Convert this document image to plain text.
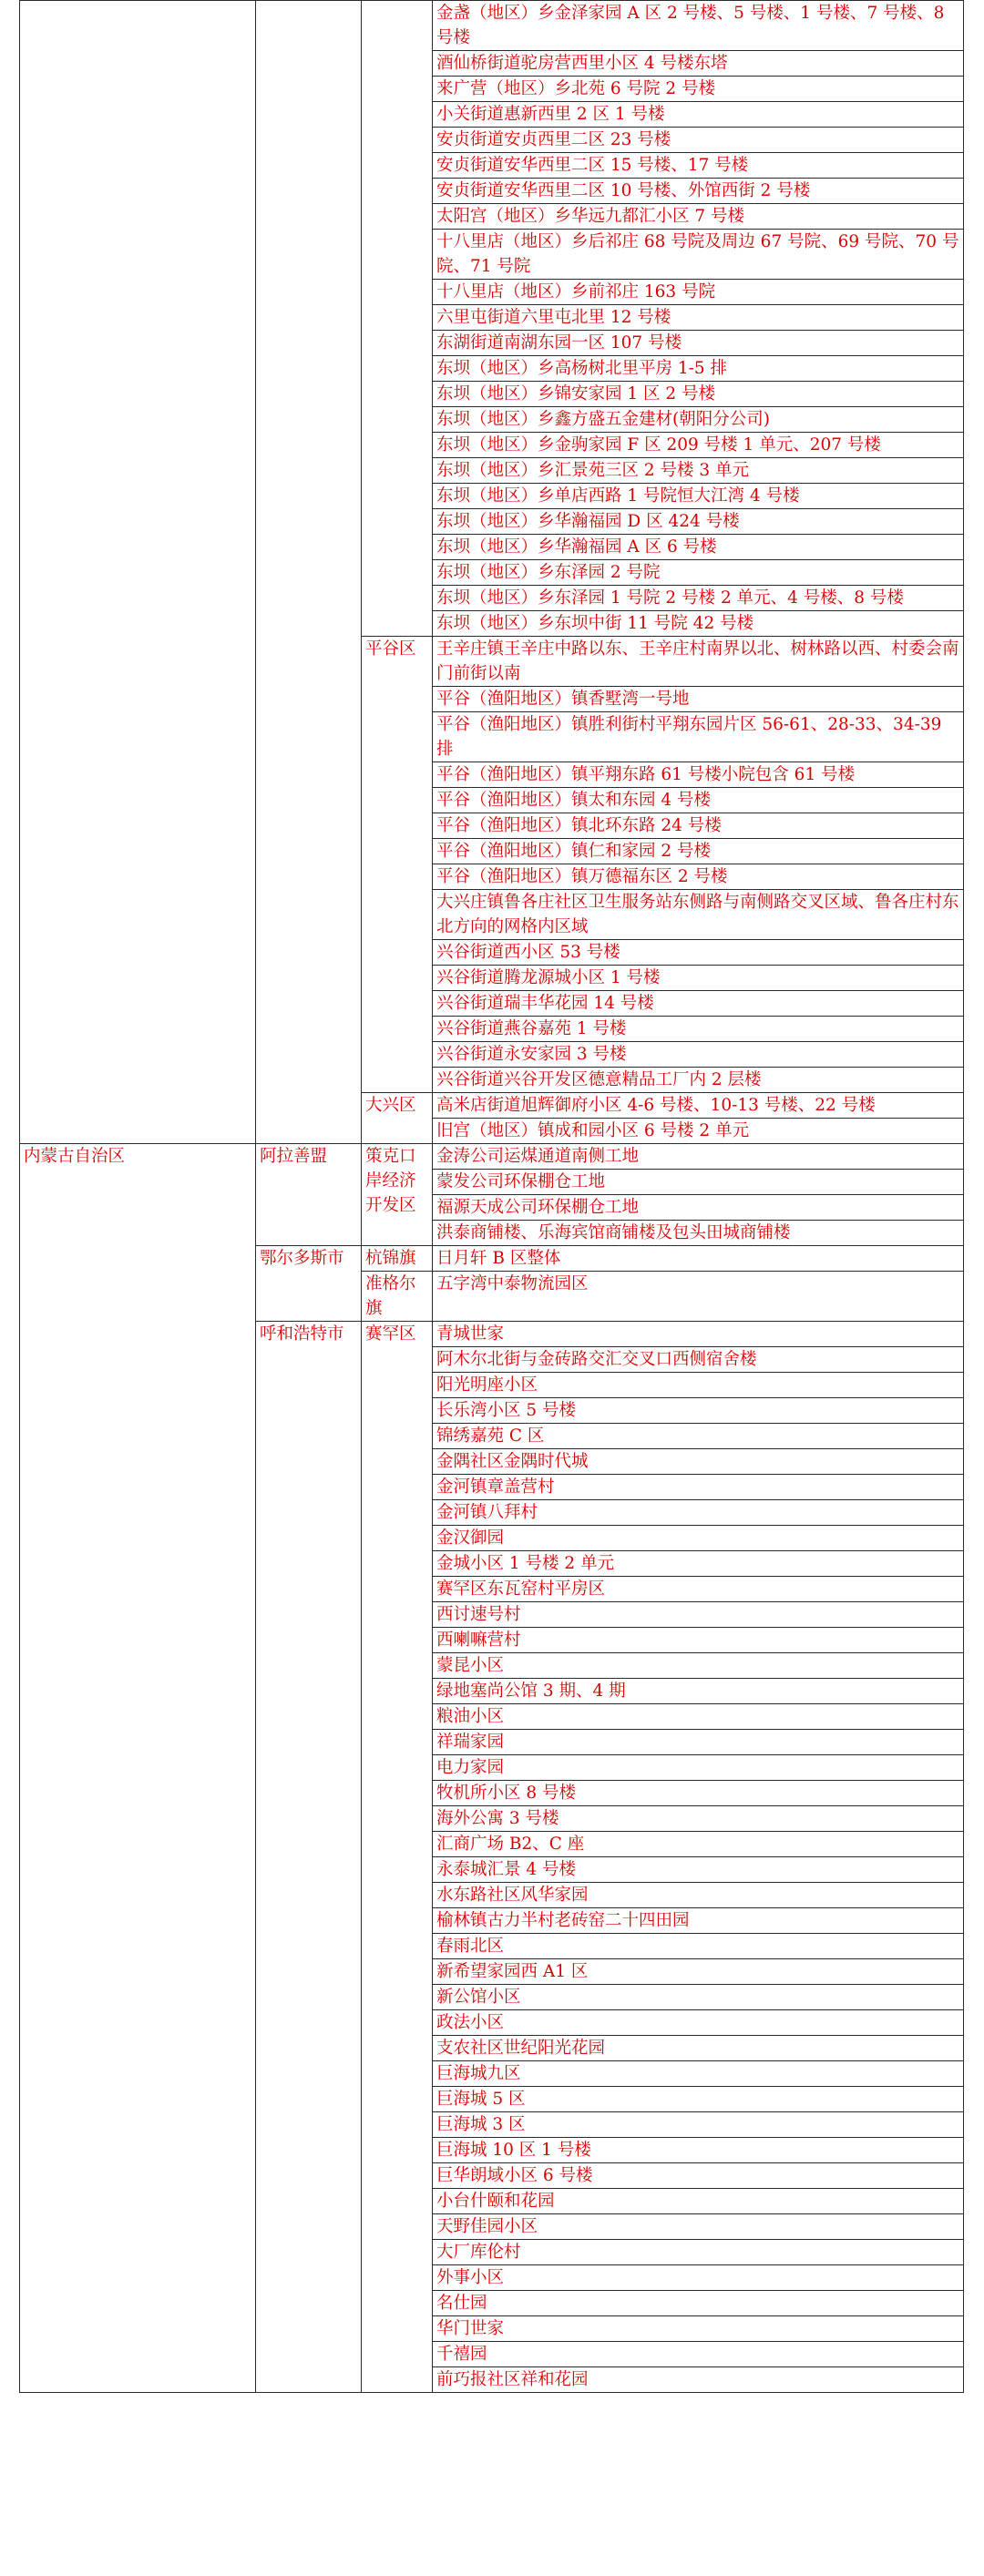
			金盏（地区）乡金泽家园 A 区 2 号楼、5 号楼、1 号楼、7 号楼、8 号楼
			酒仙桥街道驼房营西里小区 4 号楼东塔
			来广营（地区）乡北苑 6 号院 2 号楼
			小关街道惠新西里 2 区 1 号楼
			安贞街道安贞西里二区 23 号楼
			安贞街道安华西里二区 15 号楼、17 号楼
			安贞街道安华西里二区 10 号楼、外馆西街 2 号楼
			太阳宫（地区）乡华远九都汇小区 7 号楼
			十八里店（地区）乡后祁庄 68 号院及周边 67 号院、69 号院、70 号院、71 号院
			十八里店（地区）乡前祁庄 163 号院
			六里屯街道六里屯北里 12 号楼
			东湖街道南湖东园一区 107 号楼
			东坝（地区）乡高杨树北里平房 1-5 排
			东坝（地区）乡锦安家园 1 区 2 号楼
			东坝（地区）乡鑫方盛五金建材(朝阳分公司)
			东坝（地区）乡金驹家园 F 区 209 号楼 1 单元、207 号楼
			东坝（地区）乡汇景苑三区 2 号楼 3 单元
			东坝（地区）乡单店西路 1 号院恒大江湾 4 号楼
			东坝（地区）乡华瀚福园 D 区 424 号楼
			东坝（地区）乡华瀚福园 A 区 6 号楼
			东坝（地区）乡东泽园 2 号院
			东坝（地区）乡东泽园 1 号院 2 号楼 2 单元、4 号楼、8 号楼
			东坝（地区）乡东坝中街 11 号院 42 号楼
		平谷区	王辛庄镇王辛庄中路以东、王辛庄村南界以北、树林路以西、村委会南门前街以南
			平谷（渔阳地区）镇香墅湾一号地
			平谷（渔阳地区）镇胜利街村平翔东园片区 56-61、28-33、34-39 排
			平谷（渔阳地区）镇平翔东路 61 号楼小院包含 61 号楼
			平谷（渔阳地区）镇太和东园 4 号楼
			平谷（渔阳地区）镇北环东路 24 号楼
			平谷（渔阳地区）镇仁和家园 2 号楼
			平谷（渔阳地区）镇万德福东区 2 号楼
			大兴庄镇鲁各庄社区卫生服务站东侧路与南侧路交叉区域、鲁各庄村东北方向的网格内区域
			兴谷街道西小区 53 号楼
			兴谷街道腾龙源城小区 1 号楼
			兴谷街道瑞丰华花园 14 号楼
			兴谷街道燕谷嘉苑 1 号楼
			兴谷街道永安家园 3 号楼
			兴谷街道兴谷开发区德意精品工厂内 2 层楼
		大兴区	高米店街道旭辉御府小区 4-6 号楼、10-13 号楼、22 号楼
			旧宫（地区）镇成和园小区 6 号楼 2 单元
内蒙古自治区	阿拉善盟	策克口岸经济开发区	金涛公司运煤通道南侧工地
			蒙发公司环保棚仓工地
			福源天成公司环保棚仓工地
			洪泰商铺楼、乐海宾馆商铺楼及包头田城商铺楼
	鄂尔多斯市	杭锦旗	日月轩 B 区整体
		准格尔旗	五字湾中泰物流园区
	呼和浩特市	赛罕区	青城世家
			阿木尔北街与金砖路交汇交叉口西侧宿舍楼
			阳光明座小区
			长乐湾小区 5 号楼
			锦绣嘉苑 C 区
			金隅社区金隅时代城
			金河镇章盖营村
			金河镇八拜村
			金汉御园
			金城小区 1 号楼 2 单元
			赛罕区东瓦窑村平房区
			西讨速号村
			西喇嘛营村
			蒙昆小区
			绿地塞尚公馆 3 期、4 期
			粮油小区
			祥瑞家园
			电力家园
			牧机所小区 8 号楼
			海外公寓 3 号楼
			汇商广场 B2、C 座
			永泰城汇景 4 号楼
			水东路社区风华家园
			榆林镇古力半村老砖窑二十四田园
			春雨北区
			新希望家园西 A1 区
			新公馆小区
			政法小区
			支农社区世纪阳光花园
			巨海城九区
			巨海城 5 区
			巨海城 3 区
			巨海城 10 区 1 号楼
			巨华朗域小区 6 号楼
			小台什颐和花园
			天野佳园小区
			大厂库伦村
			外事小区
			名仕园
			华门世家
			千禧园
			前巧报社区祥和花园
